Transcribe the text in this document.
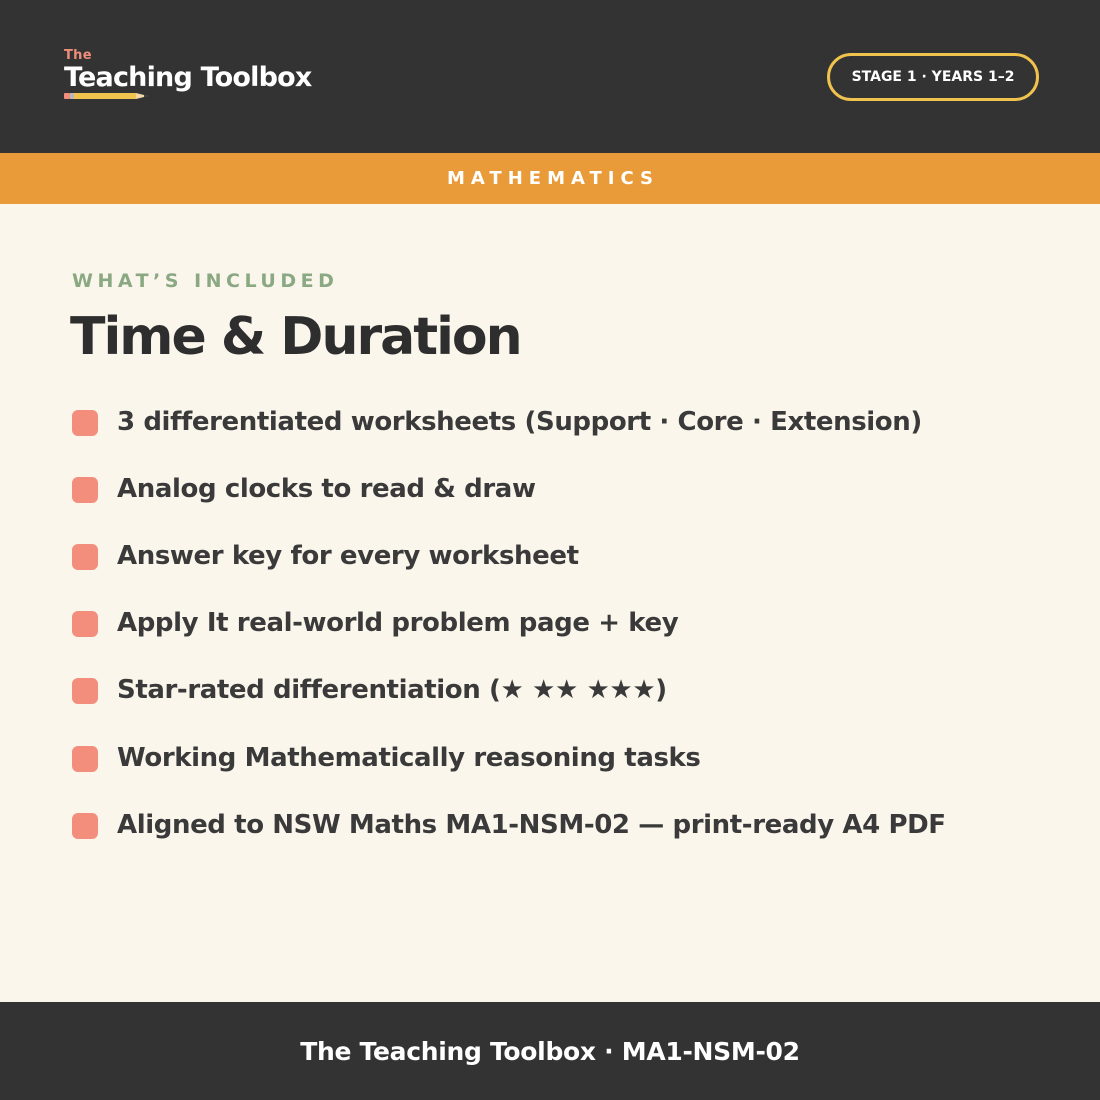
The
Teaching Toolbox	STAGE 1 · YEARS 1–2
MATHEMATICS
WHAT’S INCLUDED
Time & Duration
3 differentiated worksheets (Support · Core · Extension)
Analog clocks to read & draw
Answer key for every worksheet
Apply It real-world problem page + key
Star-rated differentiation (★ ★★ ★★★)
Working Mathematically reasoning tasks
Aligned to NSW Maths MA1-NSM-02 — print-ready A4 PDF
The Teaching Toolbox · MA1-NSM-02
